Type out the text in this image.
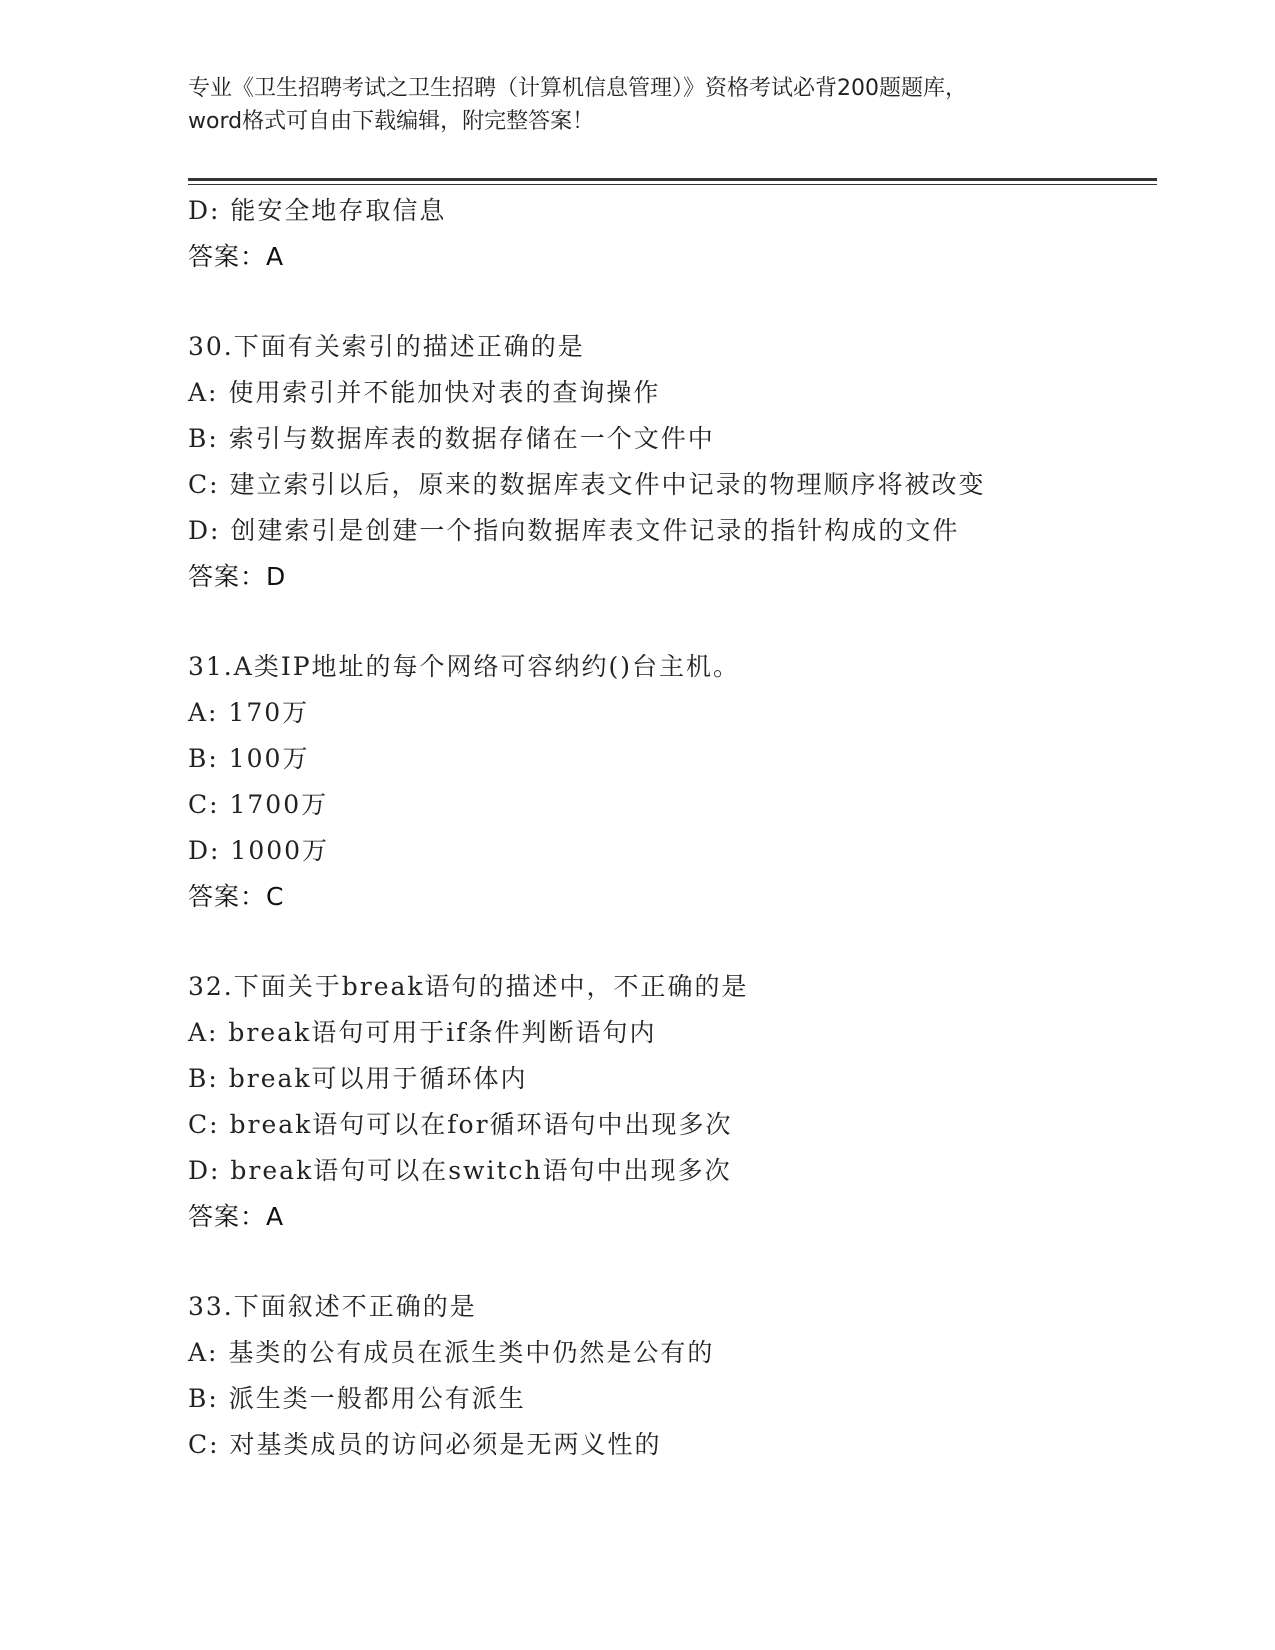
专业《卫生招聘考试之卫生招聘（计算机信息管理）》资格考试必背200题题库，
word格式可自由下载编辑，附完整答案！
D: 能安全地存取信息
答案：A
30.下面有关索引的描述正确的是
A: 使用索引并不能加快对表的查询操作
B: 索引与数据库表的数据存储在一个文件中
C: 建立索引以后，原来的数据库表文件中记录的物理顺序将被改变
D: 创建索引是创建一个指向数据库表文件记录的指针构成的文件
答案：D
31.A类IP地址的每个网络可容纳约()台主机。
A: 170万
B: 100万
C: 1700万
D: 1000万
答案：C
32.下面关于break语句的描述中，不正确的是
A: break语句可用于if条件判断语句内
B: break可以用于循环体内
C: break语句可以在for循环语句中出现多次
D: break语句可以在switch语句中出现多次
答案：A
33.下面叙述不正确的是
A: 基类的公有成员在派生类中仍然是公有的
B: 派生类一般都用公有派生
C: 对基类成员的访问必须是无两义性的
